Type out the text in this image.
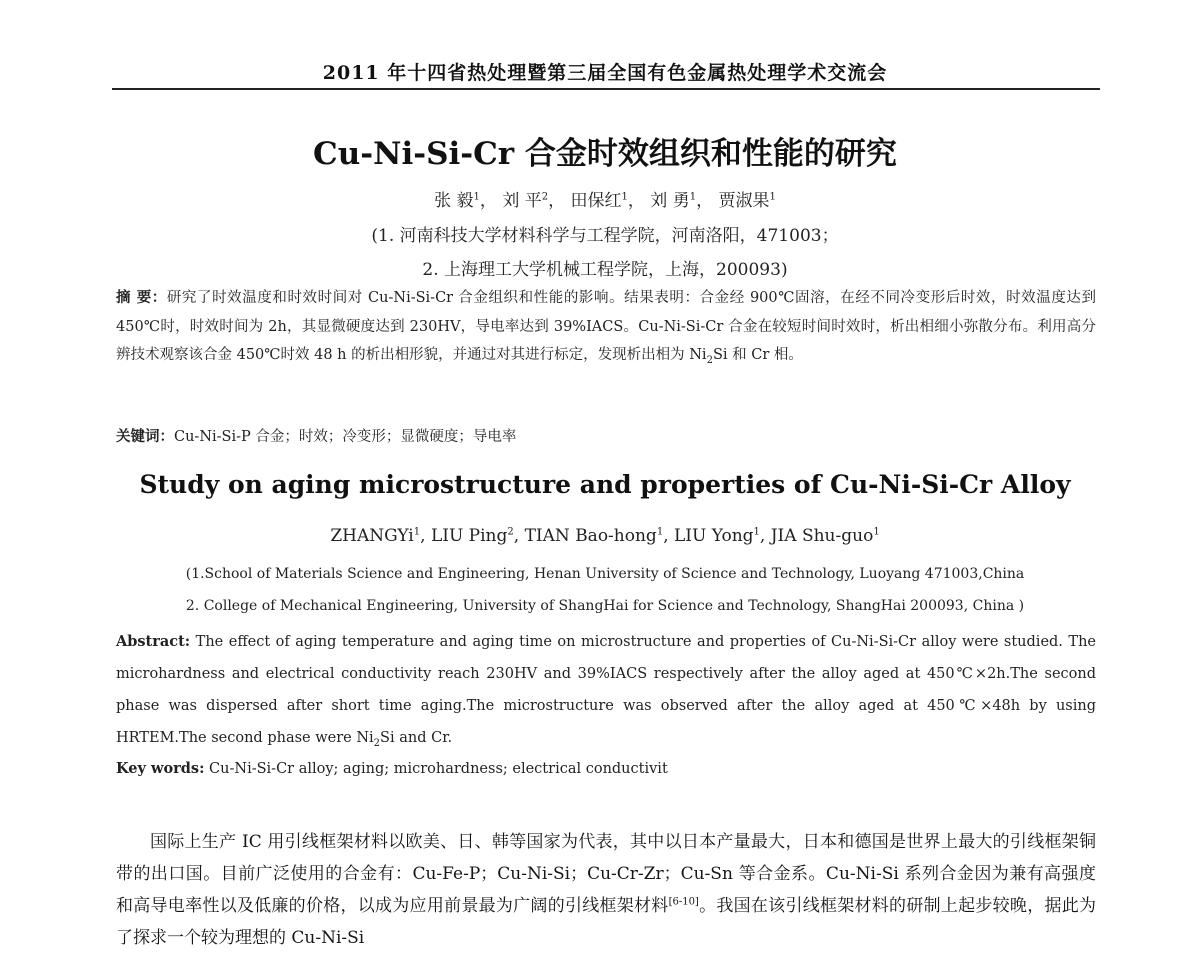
2011 年十四省热处理暨第三届全国有色金属热处理学术交流会
Cu-Ni-Si-Cr 合金时效组织和性能的研究
张 毅$^1$， 刘 平$^2$， 田保红$^1$， 刘 勇$^1$， 贾淑果$^1$
(1. 河南科技大学材料科学与工程学院，河南洛阳，471003；
2. 上海理工大学机械工程学院，上海，200093)
摘 要：研究了时效温度和时效时间对 Cu-Ni-Si-Cr 合金组织和性能的影响。结果表明：合金经 900℃固溶，在经不同冷变形后时效，时效温度达到 450℃时，时效时间为 2h，其显微硬度达到 230HV，导电率达到 39%IACS。Cu-Ni-Si-Cr 合金在较短时间时效时，析出相细小弥散分布。利用高分辨技术观察该合金 450℃时效 48 h 的析出相形貌，并通过对其进行标定，发现析出相为 $Ni_2Si$ 和 Cr 相。
关键词：Cu-Ni-Si-P 合金；时效；冷变形；显微硬度；导电率
Study on aging microstructure and properties of Cu-Ni-Si-Cr Alloy
ZHANGYi$^1$, LIU Ping$^2$, TIAN Bao-hong$^1$, LIU Yong$^1$, JIA Shu-guo$^1$
(1.School of Materials Science and Engineering, Henan University of Science and Technology, Luoyang 471003,China
2. College of Mechanical Engineering, University of ShangHai for Science and Technology, ShangHai 200093, China )
Abstract: The effect of aging temperature and aging time on microstructure and properties of Cu-Ni-Si-Cr alloy were studied. The microhardness and electrical conductivity reach 230HV and 39%IACS respectively after the alloy aged at 450℃×2h.The second phase was dispersed after short time aging.The microstructure was observed after the alloy aged at 450℃×48h by using HRTEM.The second phase were $Ni_2Si$ and Cr.
Key words: Cu-Ni-Si-Cr alloy; aging; microhardness; electrical conductivit
国际上生产 IC 用引线框架材料以欧美、日、韩等国家为代表，其中以日本产量最大，日本和德国是世界上最大的引线框架铜带的出口国。目前广泛使用的合金有：Cu-Fe-P；Cu-Ni-Si；Cu-Cr-Zr；Cu-Sn 等合金系。Cu-Ni-Si 系列合金因为兼有高强度和高导电率性以及低廉的价格，以成为应用前景最为广阔的引线框架材料[6-10]。我国在该引线框架材料的研制上起步较晚，据此为了探求一个较为理想的 Cu-Ni-Si
